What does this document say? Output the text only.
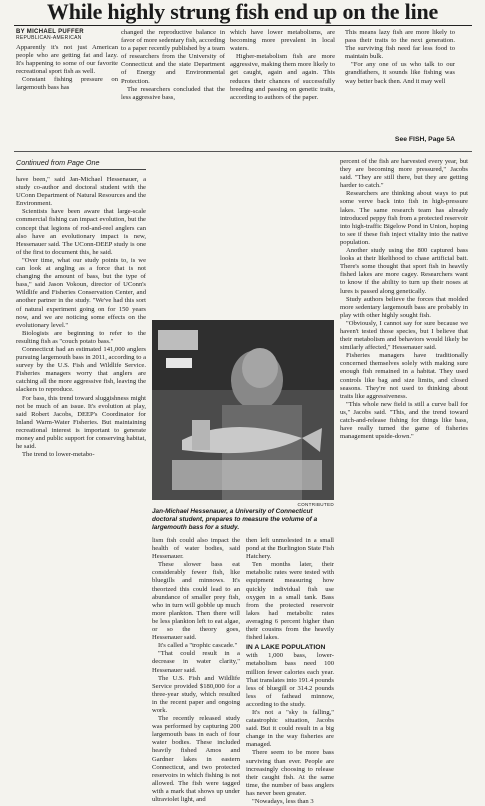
While highly strung fish end up on the line
BY MICHAEL PUFFER
REPUBLICAN-AMERICAN

Apparently it's not just American people who are getting fat and lazy. It's happening to some of our favorite recreational sport fish as well.

Constant fishing pressure on largemouth bass has

changed the reproductive balance in favor of more sedentary fish, according to a paper recently published by a team of researchers from the University of Connecticut and the state Department of Energy and Environmental Protection.

The researchers concluded that the less aggressive bass,

which have lower metabolisms, are becoming more prevalent in local waters.

Higher-metabolism fish are more aggressive, making them more likely to get caught, again and again. This reduces their chances of successfully breeding and passing on genetic traits, according to authors of the paper.

This means lazy fish are more likely to pass their traits to the next generation. The surviving fish need far less food to maintain bulk.

"For any one of us who talk to our grandfathers, it sounds like fishing was way better back then. And it may well

See FISH, Page 5A
Continued from Page One

have been," said Jan-Michael Hessenauer, a study co-author and doctoral student with the UConn Department of Natural Resources and the Environment.

Scientists have been aware that large-scale commercial fishing can impact evolution, but the concept that legions of rod-and-reel anglers can also have an evolutionary impact is new, Hessenauer said. The UConn-DEEP study is one of the first to document this, he said.

"Over time, what our study points to, is we can look at angling as a force that is not changing the amount of bass, but the type of bass," said Jason Vokoun, director of UConn's Wildlife and Fisheries Conservation Center, and another partner in the study. "We've had this sort of natural experiment going on for 150 years now, and we are noticing some effects on the evolutionary level."

Biologists are beginning to refer to the resulting fish as "couch potato bass."

Connecticut had an estimated 141,000 anglers pursuing largemouth bass in 2011, according to a survey by the U.S. Fish and Wildlife Service. Fisheries managers worry that anglers are catching all the more aggressive fish, leaving the slackers to reproduce.

For bass, this trend toward sluggishness might not be much of an issue. It's evolution at play, said Robert Jacobs, DEEP's Coordinator for Inland Warm-Water Fisheries. But maintaining recreational interest is important to generate money and public support for conserving habitat, he said.

The trend to lower-metabo-

CONTRIBUTED
Jan-Michael Hessenauer, a University of Connecticut doctoral student, prepares to measure the volume of a largemouth bass for a study.

lism fish could also impact the health of water bodies, said Hessenauer.

These slower bass eat considerably fewer fish, like bluegills and minnows. It's theorized this could lead to an abundance of smaller prey fish, who in turn will gobble up much more plankton. Then there will be less plankton left to eat algae, or so the theory goes, Hessenauer said.

It's called a "trophic cascade."

"That could result in a decrease in water clarity," Hessenauer said.

The U.S. Fish and Wildlife Service provided $180,000 for a three-year study, which resulted in the recent paper and ongoing work.

The recently released study was performed by capturing 200 largemouth bass in each of four water bodies. These included heavily fished Amos and Gardner lakes in eastern Connecticut, and two protected reservoirs in which fishing is not allowed. The fish were tagged with a mark that shows up under ultraviolet light, and

then left unmolested in a small pond at the Burlington State Fish Hatchery.

Ten months later, their metabolic rates were tested with equipment measuring how quickly individual fish use oxygen in a small tank. Bass from the protected reservoir lakes had metabolic rates averaging 6 percent higher than their cousins from the heavily fished lakes.

IN A LAKE POPULATION

with 1,000 bass, lower-metabolism bass need 100 million fewer calories each year. That translates into 191.4 pounds less of bluegill or 314.2 pounds less of fathead minnow, according to the study.

It's not a "sky is falling," catastrophic situation, Jacobs said. But it could result in a big change in the way fisheries are managed.

There seem to be more bass surviving than ever. People are increasingly choosing to release their caught fish. At the same time, the number of bass anglers has never been greater.

"Nowadays, less than 3

percent of the fish are harvested every year, but they are becoming more pressured," Jacobs said. "They are still there, but they are getting harder to catch."

Researchers are thinking about ways to put some verve back into fish in high-pressure lakes. The same research team has already introduced peppy fish from a protected reservoir into high-traffic Bigelow Pond in Union, hoping to see if these fish inject vitality into the native population.

Another study using the 800 captured bass looks at their likelihood to chase artificial bait. There's some thought that sport fish in heavily fished lakes are more cagey. Researchers want to know if the ability to turn up their noses at lures is passed along genetically.

Study authors believe the forces that molded more sedentary largemouth bass are probably in play with other highly sought fish.

"Obviously, I cannot say for sure because we haven't tested those species, but I believe that their metabolism and behaviors would likely be similarly affected," Hessenauer said.

Fisheries managers have traditionally concerned themselves solely with making sure enough fish remained in a habitat. They used controls like bag and size limits, and closed seasons. They're not used to thinking about traits like aggressiveness.

"This whole new field is still a curve ball for us," Jacobs said. "This, and the trend toward catch-and-release fishing for things like bass, have really turned the game of fisheries management upside-down."
